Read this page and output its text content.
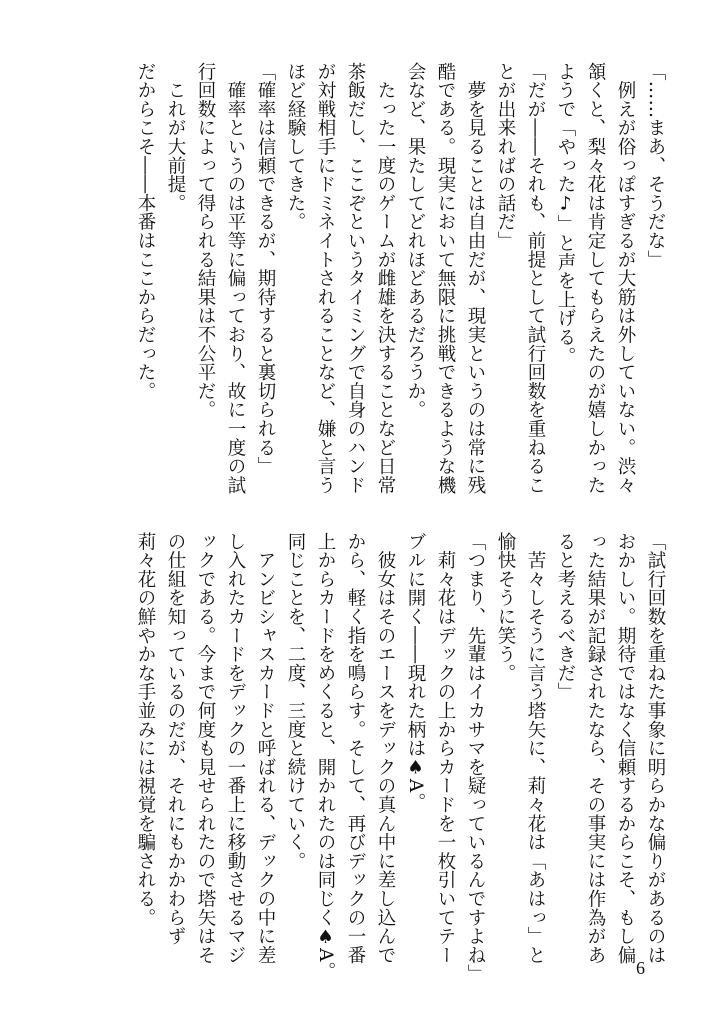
「……まあ、そうだな」
　例えが俗っぽすぎるが大筋は外していない。渋々
頷くと、梨々花は肯定してもらえたのが嬉しかった
ようで「やった♪」と声を上げる。
「だが――それも、前提として試行回数を重ねるこ
とが出来ればの話だ」
　夢を見ることは自由だが、現実というのは常に残
酷である。現実において無限に挑戦できるような機
会など、果たしてどれほどあるだろうか。
　たった一度のゲームが雌雄を決することなど日常
茶飯だし、ここぞというタイミングで自身のハンド
が対戦相手にドミネイトされることなど、嫌と言う
ほど経験してきた。
「確率は信頼できるが、期待すると裏切られる」
　確率というのは平等に偏っており、故に一度の試
行回数によって得られる結果は不公平だ。
　これが大前提。
だからこそ――本番はここからだった。
「試行回数を重ねた事象に明らかな偏りがあるのは
おかしい。期待ではなく信頼するからこそ、もし偏
った結果が記録されたなら、その事実には作為があ
ると考えるべきだ」
　苦々しそうに言う塔矢に、莉々花は「あはっ」と
愉快そうに笑う。
「つまり、先輩はイカサマを疑っているんですよね」
　莉々花はデックの上からカードを一枚引いてテー
ブルに開く――現れた柄は♠A。
　彼女はそのエースをデックの真ん中に差し込んで
から、軽く指を鳴らす。そして、再びデックの一番
上からカードをめくると、開かれたのは同じく♠A。
同じことを、二度、三度と続けていく。
　アンビシャスカードと呼ばれる、デックの中に差
し入れたカードをデックの一番上に移動させるマジ
ックである。今まで何度も見せられたので塔矢はそ
の仕組を知っているのだが、それにもかかわらず
莉々花の鮮やかな手並みには視覚を騙される。
6
